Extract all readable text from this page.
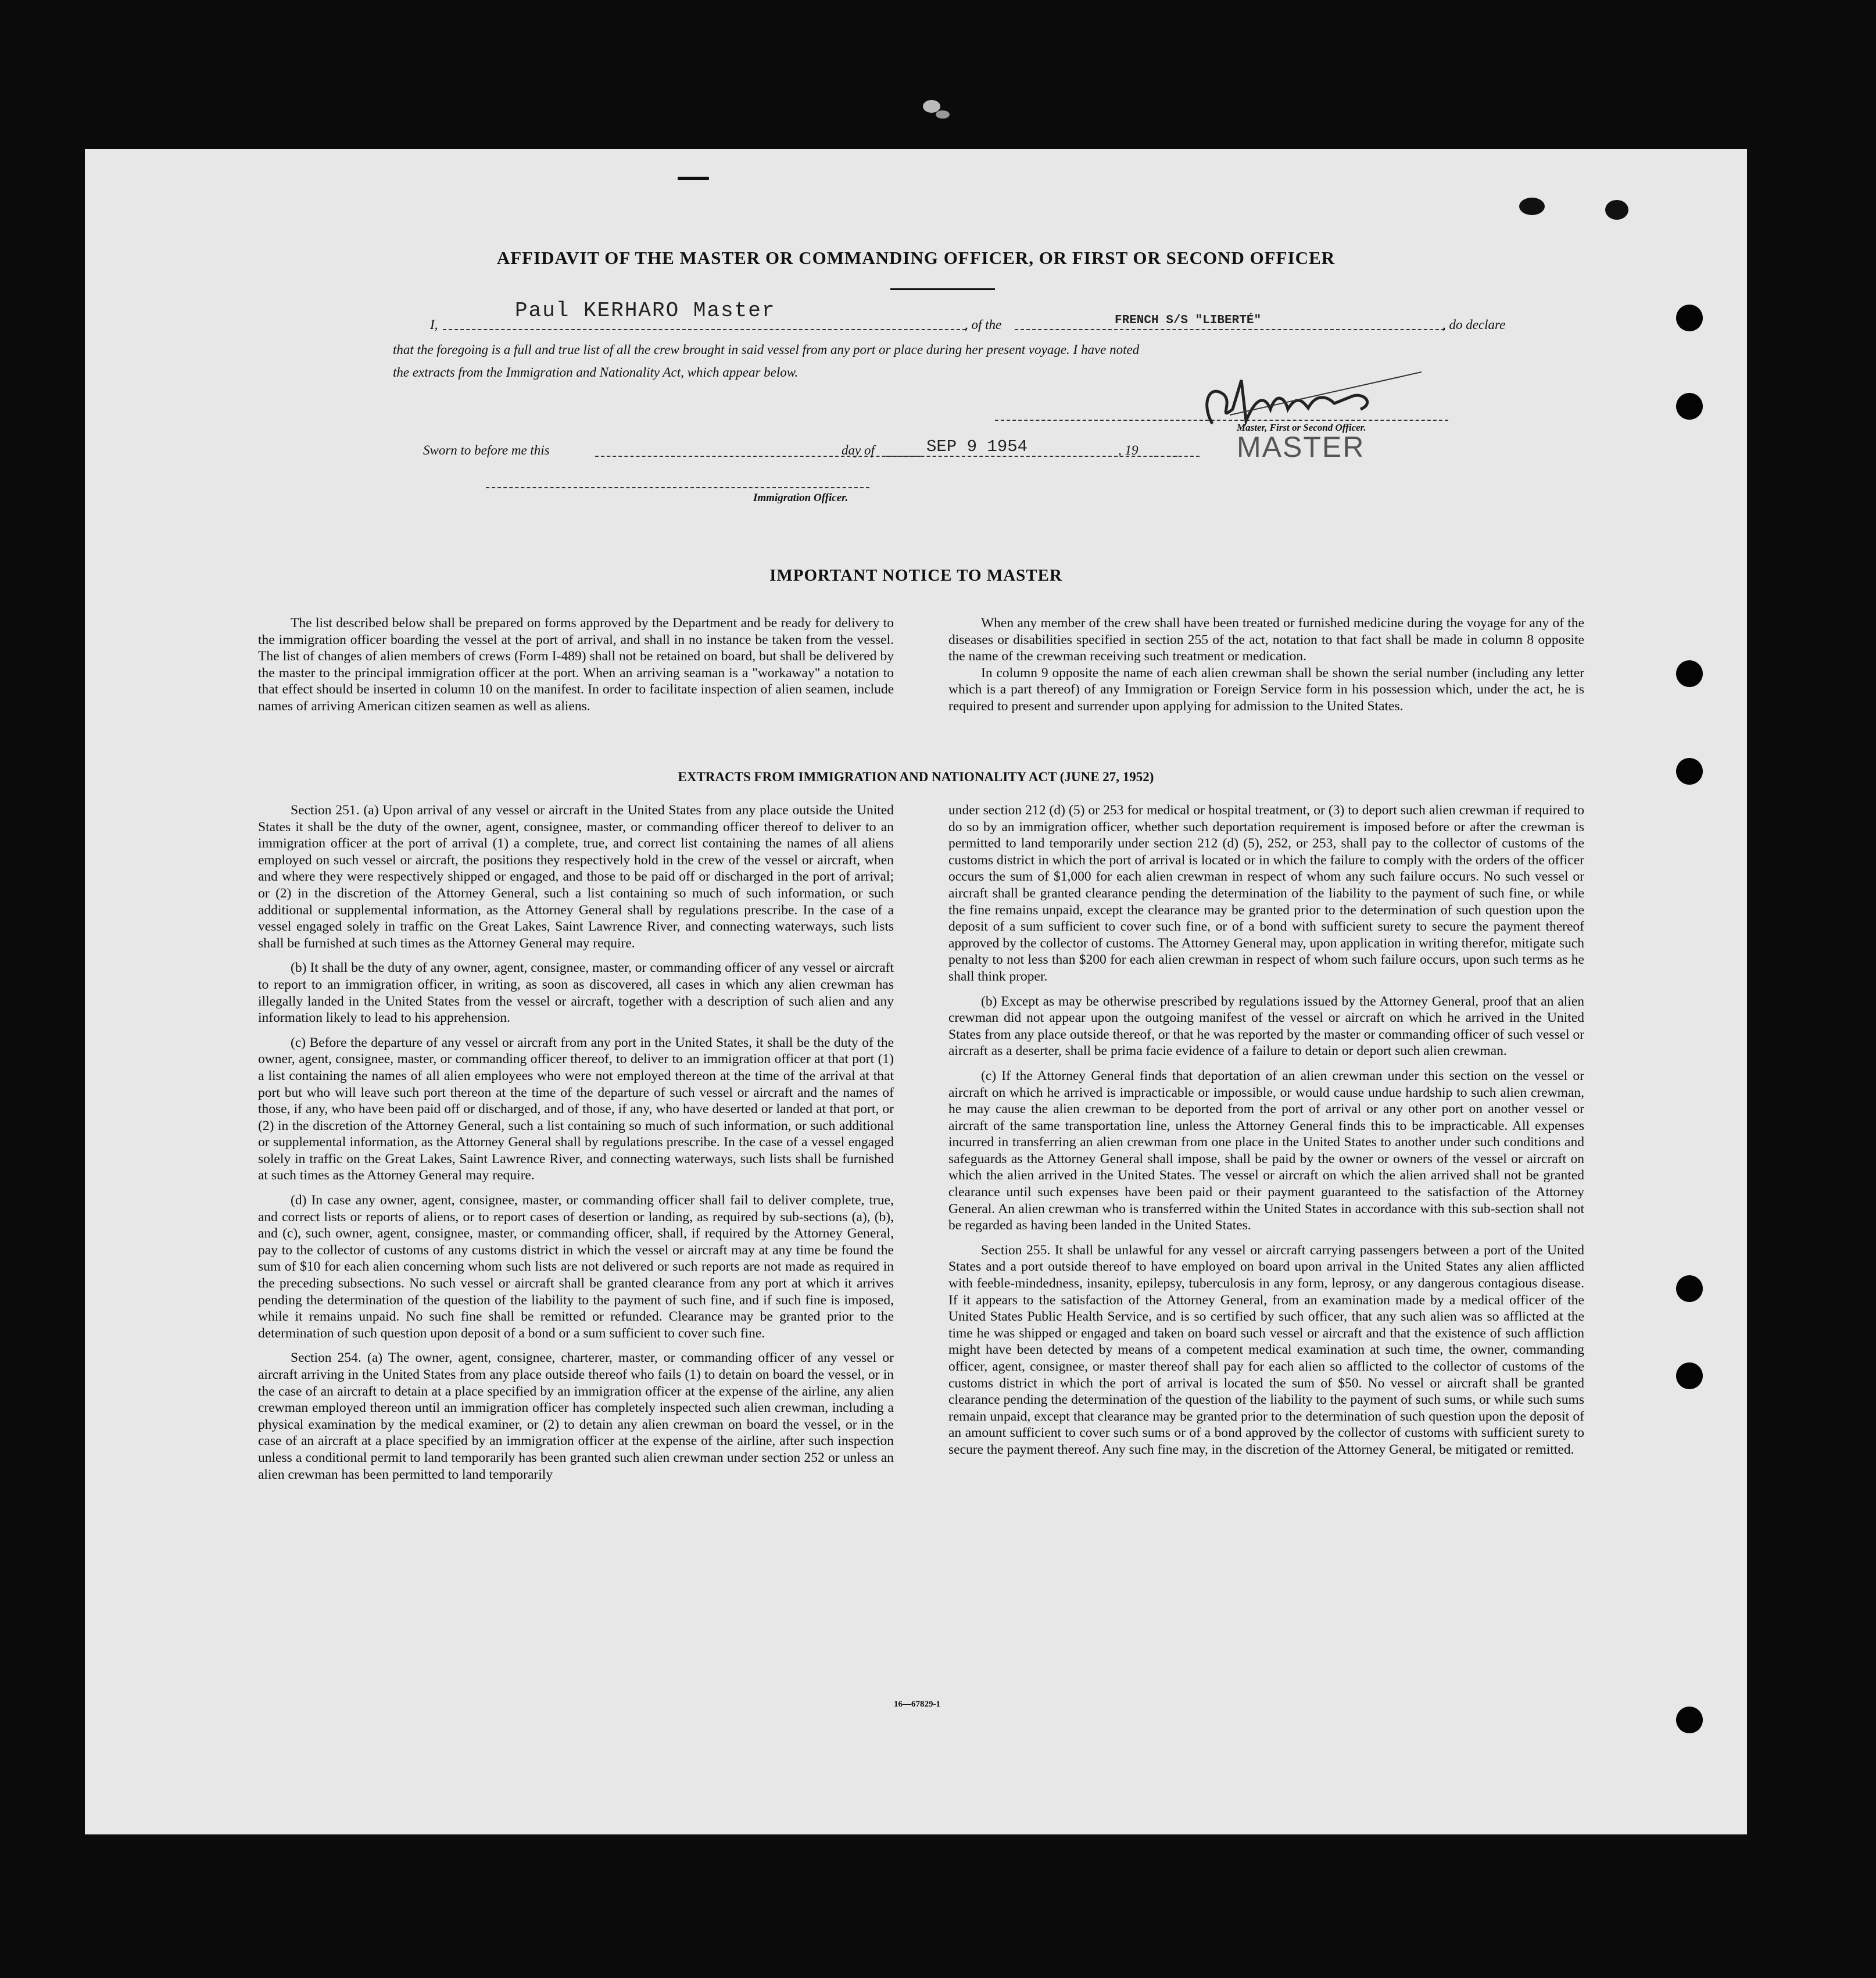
AFFIDAVIT OF THE MASTER OR COMMANDING OFFICER, OR FIRST OR SECOND OFFICER
I,
Paul KERHARO Master
, of the	FRENCH S/S "LIBERTÉ"	, do declare
that the foregoing is a full and true list of all the crew brought in said vessel from any port or place during her present voyage. I have noted
the extracts from the Immigration and Nationality Act, which appear below.
Master, First or Second Officer.
MASTER
Sworn to before me this	day of	SEP 9 1954	, 19
Immigration Officer.
IMPORTANT NOTICE TO MASTER

The list described below shall be prepared on forms approved by the Department and be ready for delivery to the immigration officer boarding the vessel at the port of arrival, and shall in no instance be taken from the vessel. The list of changes of alien members of crews (Form I-489) shall not be retained on board, but shall be delivered by the master to the principal immigration officer at the port. When an arriving seaman is a "workaway" a notation to that effect should be inserted in column 10 on the manifest. In order to facilitate inspection of alien seamen, include names of arriving American citizen seamen as well as aliens.

When any member of the crew shall have been treated or furnished medicine during the voyage for any of the diseases or disabilities specified in section 255 of the act, notation to that fact shall be made in column 8 opposite the name of the crewman receiving such treatment or medication.

In column 9 opposite the name of each alien crewman shall be shown the serial number (including any letter which is a part thereof) of any Immigration or Foreign Service form in his possession which, under the act, he is required to present and surrender upon applying for admission to the United States.

EXTRACTS FROM IMMIGRATION AND NATIONALITY ACT (JUNE 27, 1952)

Section 251. (a) Upon arrival of any vessel or aircraft in the United States from any place outside the United States it shall be the duty of the owner, agent, consignee, master, or commanding officer thereof to deliver to an immigration officer at the port of arrival (1) a complete, true, and correct list containing the names of all aliens employed on such vessel or aircraft, the positions they respectively hold in the crew of the vessel or aircraft, when and where they were respectively shipped or engaged, and those to be paid off or discharged in the port of arrival; or (2) in the discretion of the Attorney General, such a list containing so much of such information, or such additional or supplemental information, as the Attorney General shall by regulations prescribe. In the case of a vessel engaged solely in traffic on the Great Lakes, Saint Lawrence River, and connecting waterways, such lists shall be furnished at such times as the Attorney General may require.

(b) It shall be the duty of any owner, agent, consignee, master, or commanding officer of any vessel or aircraft to report to an immigration officer, in writing, as soon as discovered, all cases in which any alien crewman has illegally landed in the United States from the vessel or aircraft, together with a description of such alien and any information likely to lead to his apprehension.

(c) Before the departure of any vessel or aircraft from any port in the United States, it shall be the duty of the owner, agent, consignee, master, or commanding officer thereof, to deliver to an immigration officer at that port (1) a list containing the names of all alien employees who were not employed thereon at the time of the arrival at that port but who will leave such port thereon at the time of the departure of such vessel or aircraft and the names of those, if any, who have been paid off or discharged, and of those, if any, who have deserted or landed at that port, or (2) in the discretion of the Attorney General, such a list containing so much of such information, or such additional or supplemental information, as the Attorney General shall by regulations prescribe. In the case of a vessel engaged solely in traffic on the Great Lakes, Saint Lawrence River, and connecting waterways, such lists shall be furnished at such times as the Attorney General may require.

(d) In case any owner, agent, consignee, master, or commanding officer shall fail to deliver complete, true, and correct lists or reports of aliens, or to report cases of desertion or landing, as required by sub-sections (a), (b), and (c), such owner, agent, consignee, master, or commanding officer, shall, if required by the Attorney General, pay to the collector of customs of any customs district in which the vessel or aircraft may at any time be found the sum of $10 for each alien concerning whom such lists are not delivered or such reports are not made as required in the preceding subsections. No such vessel or aircraft shall be granted clearance from any port at which it arrives pending the determination of the question of the liability to the payment of such fine, and if such fine is imposed, while it remains unpaid. No such fine shall be remitted or refunded. Clearance may be granted prior to the determination of such question upon deposit of a bond or a sum sufficient to cover such fine.

Section 254. (a) The owner, agent, consignee, charterer, master, or commanding officer of any vessel or aircraft arriving in the United States from any place outside thereof who fails (1) to detain on board the vessel, or in the case of an aircraft to detain at a place specified by an immigration officer at the expense of the airline, any alien crewman employed thereon until an immigration officer has completely inspected such alien crewman, including a physical examination by the medical examiner, or (2) to detain any alien crewman on board the vessel, or in the case of an aircraft at a place specified by an immigration officer at the expense of the airline, after such inspection unless a conditional permit to land temporarily has been granted such alien crewman under section 252 or unless an alien crewman has been permitted to land temporarily

under section 212 (d) (5) or 253 for medical or hospital treatment, or (3) to deport such alien crewman if required to do so by an immigration officer, whether such deportation requirement is imposed before or after the crewman is permitted to land temporarily under section 212 (d) (5), 252, or 253, shall pay to the collector of customs of the customs district in which the port of arrival is located or in which the failure to comply with the orders of the officer occurs the sum of $1,000 for each alien crewman in respect of whom any such failure occurs. No such vessel or aircraft shall be granted clearance pending the determination of the liability to the payment of such fine, or while the fine remains unpaid, except the clearance may be granted prior to the determination of such question upon the deposit of a sum sufficient to cover such fine, or of a bond with sufficient surety to secure the payment thereof approved by the collector of customs. The Attorney General may, upon application in writing therefor, mitigate such penalty to not less than $200 for each alien crewman in respect of whom such failure occurs, upon such terms as he shall think proper.

(b) Except as may be otherwise prescribed by regulations issued by the Attorney General, proof that an alien crewman did not appear upon the outgoing manifest of the vessel or aircraft on which he arrived in the United States from any place outside thereof, or that he was reported by the master or commanding officer of such vessel or aircraft as a deserter, shall be prima facie evidence of a failure to detain or deport such alien crewman.

(c) If the Attorney General finds that deportation of an alien crewman under this section on the vessel or aircraft on which he arrived is impracticable or impossible, or would cause undue hardship to such alien crewman, he may cause the alien crewman to be deported from the port of arrival or any other port on another vessel or aircraft of the same transportation line, unless the Attorney General finds this to be impracticable. All expenses incurred in transferring an alien crewman from one place in the United States to another under such conditions and safeguards as the Attorney General shall impose, shall be paid by the owner or owners of the vessel or aircraft on which the alien arrived in the United States. The vessel or aircraft on which the alien arrived shall not be granted clearance until such expenses have been paid or their payment guaranteed to the satisfaction of the Attorney General. An alien crewman who is transferred within the United States in accordance with this sub-section shall not be regarded as having been landed in the United States.

Section 255. It shall be unlawful for any vessel or aircraft carrying passengers between a port of the United States and a port outside thereof to have employed on board upon arrival in the United States any alien afflicted with feeble-mindedness, insanity, epilepsy, tuberculosis in any form, leprosy, or any dangerous contagious disease. If it appears to the satisfaction of the Attorney General, from an examination made by a medical officer of the United States Public Health Service, and is so certified by such officer, that any such alien was so afflicted at the time he was shipped or engaged and taken on board such vessel or aircraft and that the existence of such affliction might have been detected by means of a competent medical examination at such time, the owner, commanding officer, agent, consignee, or master thereof shall pay for each alien so afflicted to the collector of customs of the customs district in which the port of arrival is located the sum of $50. No vessel or aircraft shall be granted clearance pending the determination of the question of the liability to the payment of such sums, or while such sums remain unpaid, except that clearance may be granted prior to the determination of such question upon the deposit of an amount sufficient to cover such sums or of a bond approved by the collector of customs with sufficient surety to secure the payment thereof. Any such fine may, in the discretion of the Attorney General, be mitigated or remitted.

16—67829-1
